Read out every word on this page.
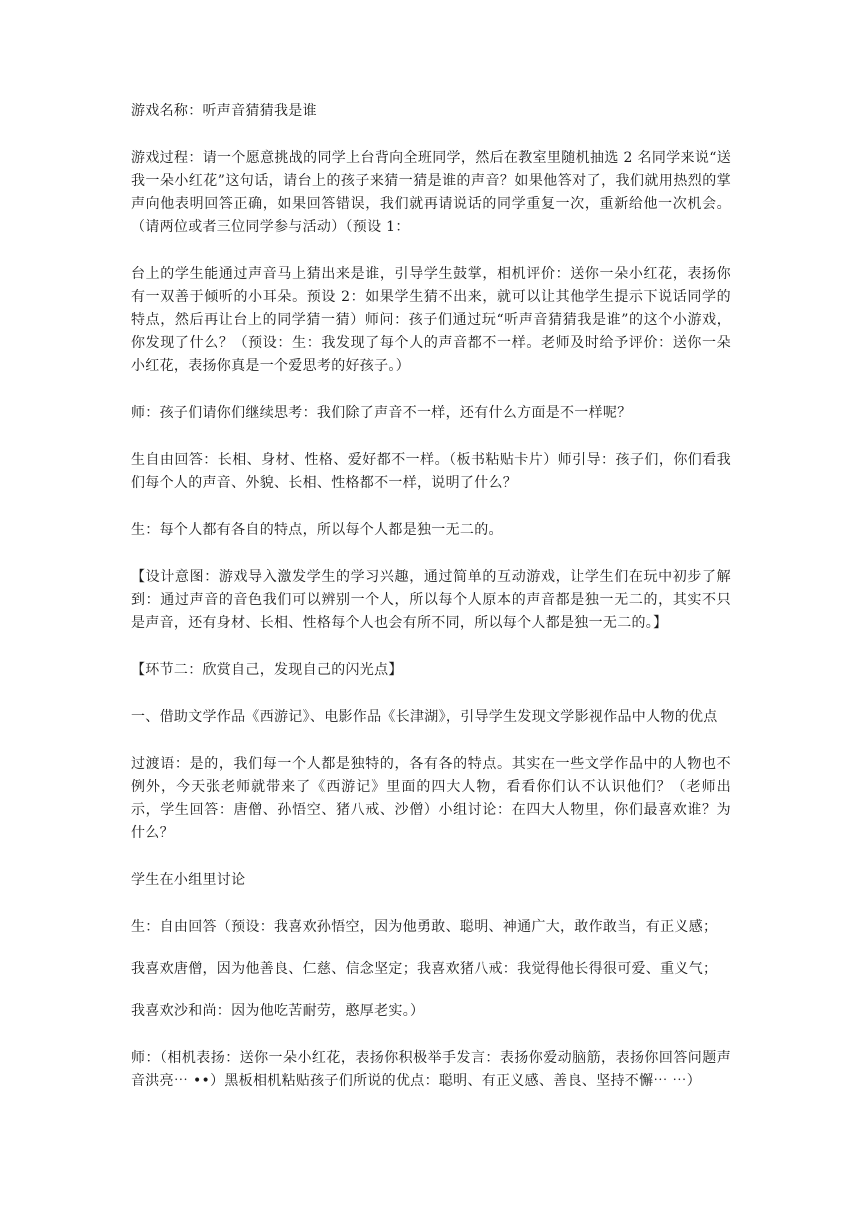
游戏名称：听声音猜猜我是谁

游戏过程：请一个愿意挑战的同学上台背向全班同学，然后在教室里随机抽选 2 名同学来说“送我一朵小红花”这句话，请台上的孩子来猜一猜是谁的声音？如果他答对了，我们就用热烈的掌声向他表明回答正确，如果回答错误，我们就再请说话的同学重复一次，重新给他一次机会。（请两位或者三位同学参与活动）（预设 1：

台上的学生能通过声音马上猜出来是谁，引导学生鼓掌，相机评价：送你一朵小红花，表扬你有一双善于倾听的小耳朵。预设 2：如果学生猜不出来，就可以让其他学生提示下说话同学的特点，然后再让台上的同学猜一猜）师问：孩子们通过玩“听声音猜猜我是谁”的这个小游戏，你发现了什么？（预设：生：我发现了每个人的声音都不一样。老师及时给予评价：送你一朵小红花，表扬你真是一个爱思考的好孩子。）

师：孩子们请你们继续思考：我们除了声音不一样，还有什么方面是不一样呢？

生自由回答：长相、身材、性格、爱好都不一样。（板书粘贴卡片）师引导：孩子们，你们看我们每个人的声音、外貌、长相、性格都不一样，说明了什么？

生：每个人都有各自的特点，所以每个人都是独一无二的。

【设计意图：游戏导入激发学生的学习兴趣，通过简单的互动游戏，让学生们在玩中初步了解到：通过声音的音色我们可以辨别一个人，所以每个人原本的声音都是独一无二的，其实不只是声音，还有身材、长相、性格每个人也会有所不同，所以每个人都是独一无二的。】

【环节二：欣赏自己，发现自己的闪光点】

一、借助文学作品《西游记》、电影作品《长津湖》，引导学生发现文学影视作品中人物的优点

过渡语：是的，我们每一个人都是独特的，各有各的特点。其实在一些文学作品中的人物也不例外，今天张老师就带来了《西游记》里面的四大人物，看看你们认不认识他们？（老师出示，学生回答：唐僧、孙悟空、猪八戒、沙僧）小组讨论：在四大人物里，你们最喜欢谁？为什么？

学生在小组里讨论

生：自由回答（预设：我喜欢孙悟空，因为他勇敢、聪明、神通广大，敢作敢当，有正义感；

我喜欢唐僧，因为他善良、仁慈、信念坚定；我喜欢猪八戒：我觉得他长得很可爱、重义气；

我喜欢沙和尚：因为他吃苦耐劳，憨厚老实。）

师：（相机表扬：送你一朵小红花，表扬你积极举手发言：表扬你爱动脑筋，表扬你回答问题声音洪亮⋯ ••）黑板相机粘贴孩子们所说的优点：聪明、有正义感、善良、坚持不懈⋯ ⋯）
